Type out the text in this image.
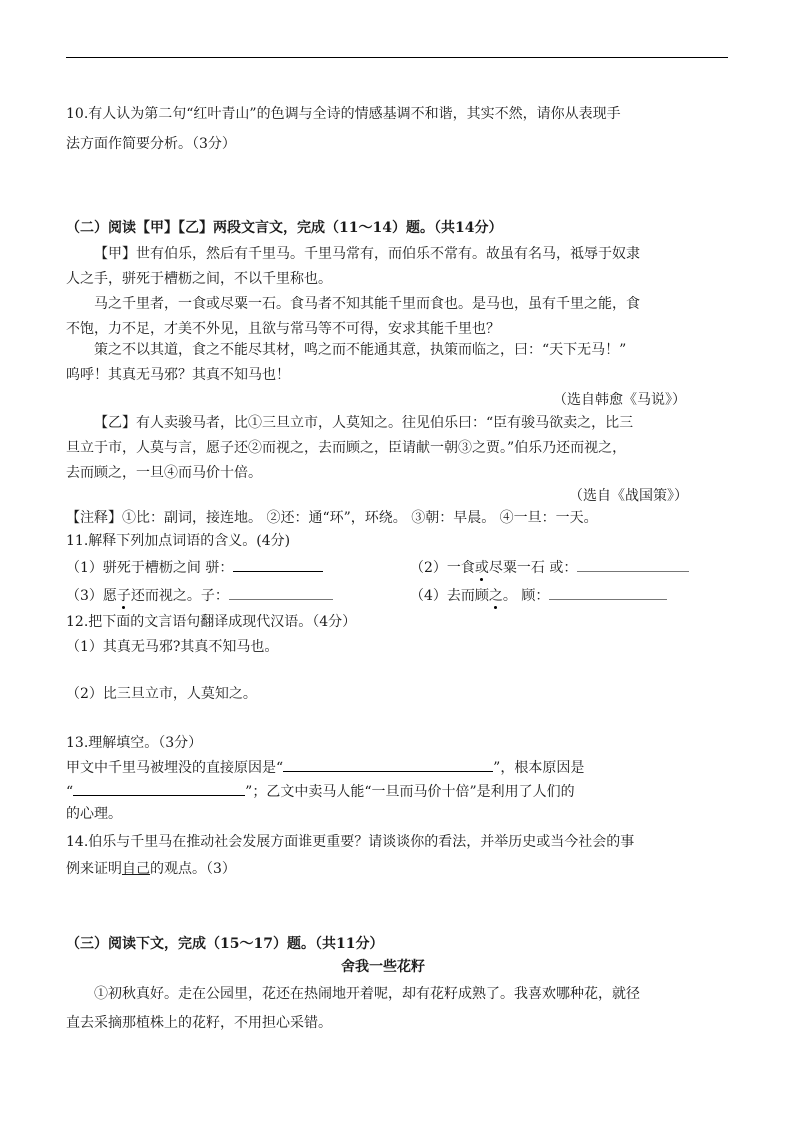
10.有人认为第二句“红叶青山”的色调与全诗的情感基调不和谐，其实不然，请你从表现手
法方面作简要分析。（3分）
（二）阅读【甲】【乙】两段文言文，完成（11～14）题。（共14分）
【甲】世有伯乐，然后有千里马。千里马常有，而伯乐不常有。故虽有名马，祗辱于奴隶
人之手，骈死于槽枥之间，不以千里称也。
马之千里者，一食或尽粟一石。食马者不知其能千里而食也。是马也，虽有千里之能，食
不饱，力不足，才美不外见，且欲与常马等不可得，安求其能千里也？
策之不以其道，食之不能尽其材，鸣之而不能通其意，执策而临之，曰：“天下无马！”
呜呼！其真无马邪？其真不知马也！
（选自韩愈《马说》）
【乙】有人卖骏马者，比①三旦立市，人莫知之。往见伯乐曰：“臣有骏马欲卖之，比三
旦立于市，人莫与言，愿子还②而视之，去而顾之，臣请献一朝③之贾。”伯乐乃还而视之，
去而顾之，一旦④而马价十倍。
（选自《战国策》）
【注释】①比：副词，接连地。 ②还：通“环”，环绕。 ③朝：早晨。 ④一旦：一天。
11.解释下列加点词语的含义。(4分)
（1）骈死于槽枥之间 骈：	（2）一食或尽粟一石 或：
（3）愿子还而视之。子：	（4）去而顾之。 顾：
12.把下面的文言语句翻译成现代汉语。（4分）
（1）其真无马邪?其真不知马也。
（2）比三旦立市，人莫知之。
13.理解填空。（3分）
甲文中千里马被埋没的直接原因是“	”，根本原因是
“	”；乙文中卖马人能“一旦而马价十倍”是利用了人们的
的心理。
14.伯乐与千里马在推动社会发展方面谁更重要？请谈谈你的看法，并举历史或当今社会的事
例来证明自己的观点。（3）
（三）阅读下文，完成（15～17）题。（共11分）
舍我一些花籽
①初秋真好。走在公园里，花还在热闹地开着呢，却有花籽成熟了。我喜欢哪种花，就径
直去采摘那植株上的花籽，不用担心采错。
